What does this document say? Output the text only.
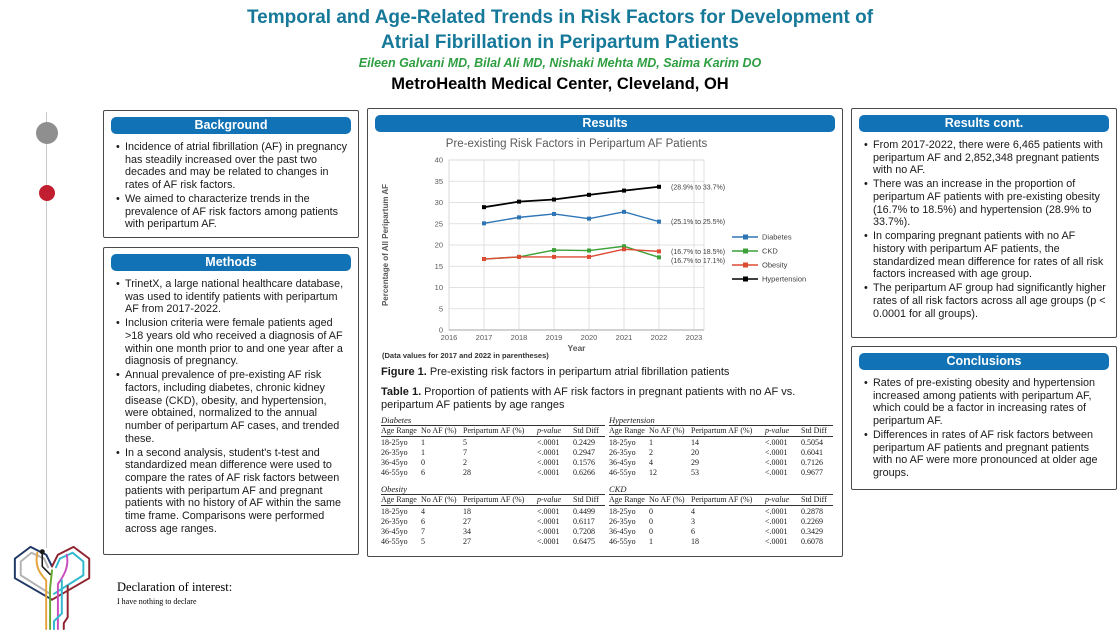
Temporal and Age-Related Trends in Risk Factors for Development of
Atrial Fibrillation in Peripartum Patients
Eileen Galvani MD, Bilal Ali MD, Nishaki Mehta MD, Saima Karim DO
MetroHealth Medical Center, Cleveland, OH
Background
• Incidence of atrial fibrillation (AF) in pregnancy has steadily increased over the past two decades and may be related to changes in rates of AF risk factors.
• We aimed to characterize trends in the prevalence of AF risk factors among patients with peripartum AF.
Methods
• TrinetX, a large national healthcare database, was used to identify patients with peripartum AF from 2017-2022.
• Inclusion criteria were female patients aged >18 years old who received a diagnosis of AF within one month prior to and one year after a diagnosis of pregnancy.
• Annual prevalence of pre-existing AF risk factors, including diabetes, chronic kidney disease (CKD), obesity, and hypertension, were obtained, normalized to the annual number of peripartum AF cases, and trended these.
• In a second analysis, student's t-test and standardized mean difference were used to compare the rates of AF risk factors between patients with peripartum AF and pregnant patients with no history of AF within the same time frame. Comparisons were performed across age ranges.
Results
0
5
10
15
20
25
30
35
40
2016 2017 2018 2019 2020 2021 2022 2023
Pre-existing Risk Factors in Peripartum AF Patients
Year
Percentage of All Peripartum AF
(Data values for 2017 and 2022 in parentheses)
(28.9% to 33.7%)
(25.1% to 25.5%)
(16.7% to 18.5%)
(16.7% to 17.1%)
Diabetes
CKD
Obesity
Hypertension
Figure 1. Pre-existing risk factors in peripartum atrial fibrillation patients
Table 1. Proportion of patients with AF risk factors in pregnant patients with no AF vs. peripartum AF patients by age ranges
Diabetes
Age Range	No AF (%)	Peripartum AF (%)	p-value	Std Diff
18-25yo	1	5	<.0001	0.2429
26-35yo	1	7	<.0001	0.2947
36-45yo	0	2	<.0001	0.1576
46-55yo	6	28	<.0001	0.6266
Hypertension
Age Range	No AF (%)	Peripartum AF (%)	p-value	Std Diff
18-25yo	1	14	<.0001	0.5054
26-35yo	2	20	<.0001	0.6041
36-45yo	4	29	<.0001	0.7126
46-55yo	12	53	<.0001	0.9677
Obesity
Age Range	No AF (%)	Peripartum AF (%)	p-value	Std Diff
18-25yo	4	18	<.0001	0.4499
26-35yo	6	27	<.0001	0.6117
36-45yo	7	34	<.0001	0.7208
46-55yo	5	27	<.0001	0.6475
CKD
Age Range	No AF (%)	Peripartum AF (%)	p-value	Std Diff
18-25yo	0	4	<.0001	0.2878
26-35yo	0	3	<.0001	0.2269
36-45yo	0	6	<.0001	0.3429
46-55yo	1	18	<.0001	0.6078
Results cont.
• From 2017-2022, there were 6,465 patients with peripartum AF and 2,852,348 pregnant patients with no AF.
• There was an increase in the proportion of peripartum AF patients with pre-existing obesity (16.7% to 18.5%) and hypertension (28.9% to 33.7%).
• In comparing pregnant patients with no AF history with peripartum AF patients, the standardized mean difference for rates of all risk factors increased with age group.
• The peripartum AF group had significantly higher rates of all risk factors across all age groups (p < 0.0001 for all groups).
Conclusions
• Rates of pre-existing obesity and hypertension increased among patients with peripartum AF, which could be a factor in increasing rates of peripartum AF.
• Differences in rates of AF risk factors between peripartum AF patients and pregnant patients with no AF were more pronounced at older age groups.
Declaration of interest:
I have nothing to declare
